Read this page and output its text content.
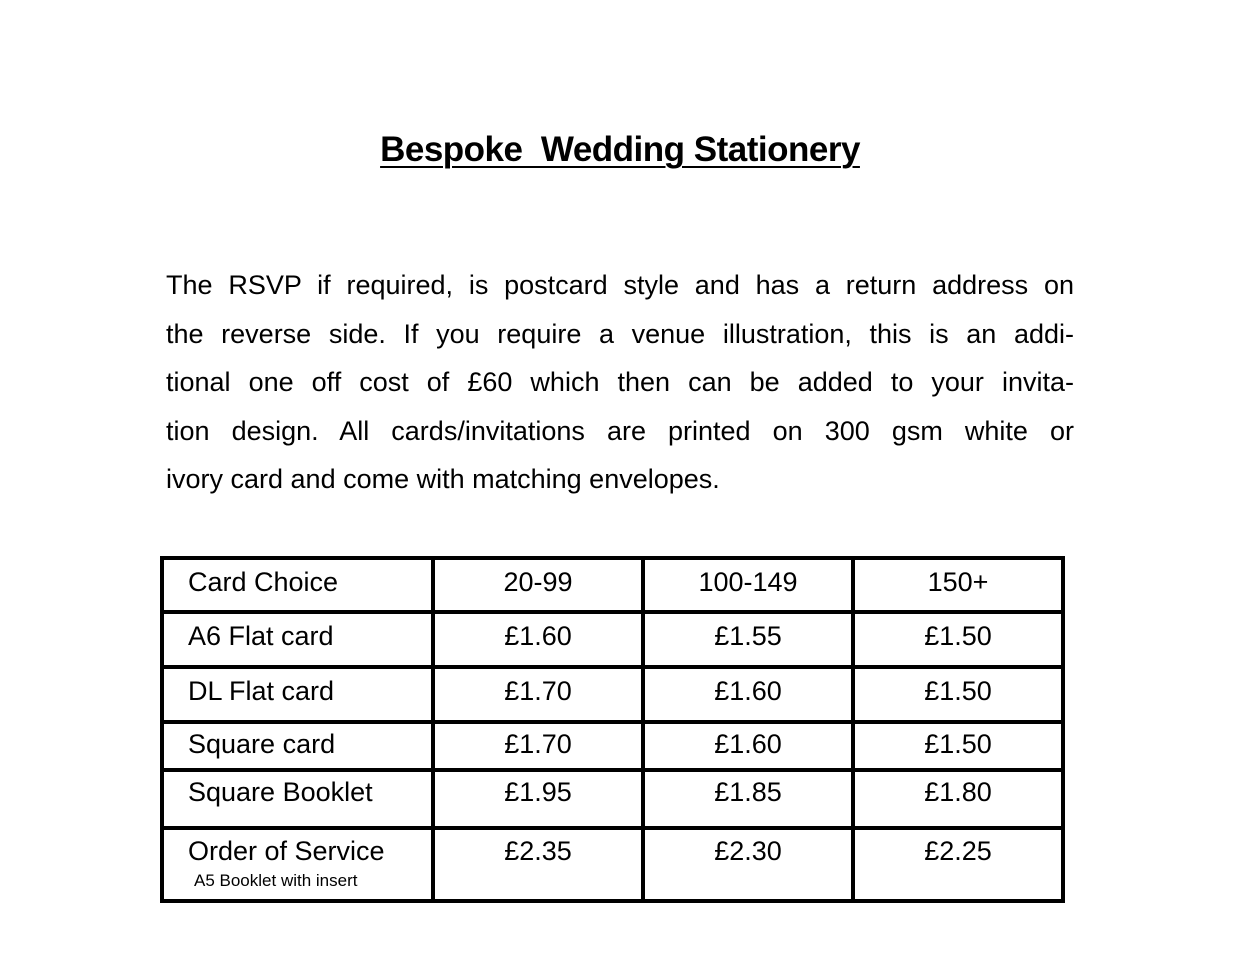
Bespoke  Wedding Stationery

The RSVP if required, is postcard style and has a return address on
the reverse side. If you require a venue illustration, this is an addi-
tional one off cost of £60 which then can be added to your invita-
tion design. All cards/invitations are printed on 300 gsm white or
ivory card and come with matching envelopes.

Card Choice	20-99	100-149	150+

A6 Flat card	£1.60	£1.55	£1.50

DL Flat card	£1.70	£1.60	£1.50

Square card	£1.70	£1.60	£1.50

Square Booklet	£1.95	£1.85	£1.80

Order of Service
A5 Booklet with insert	£2.35	£2.30	£2.25
